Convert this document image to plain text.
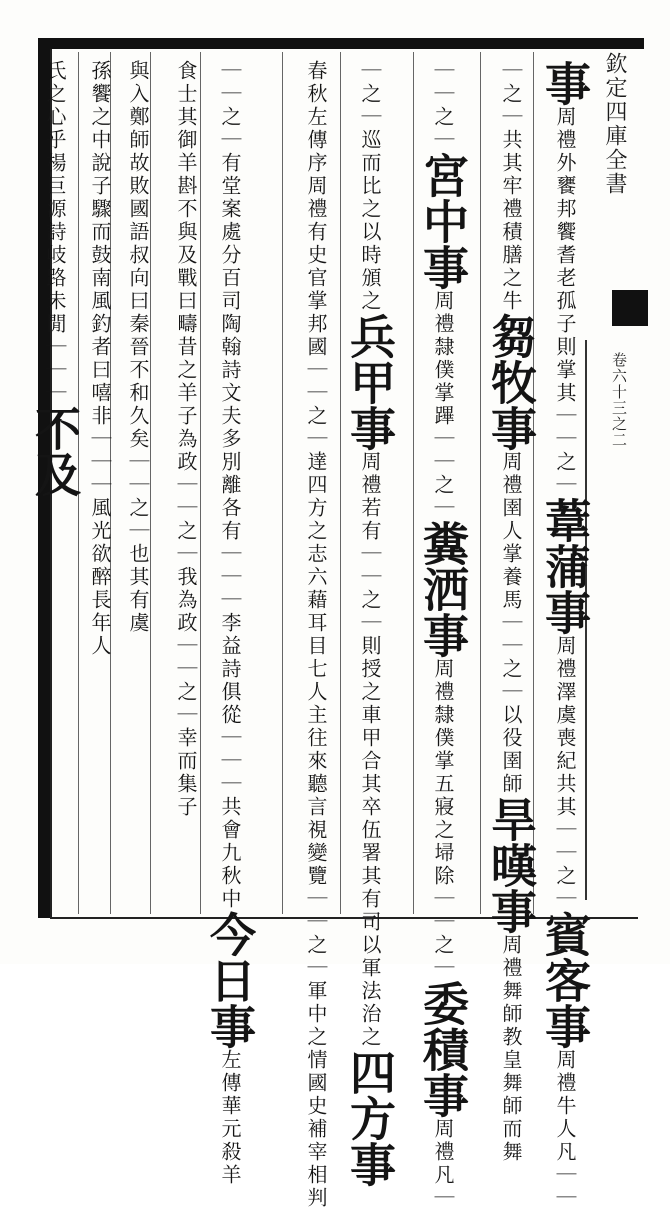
欽定四庫全書
卷六十三之二
事周禮外饔邦饗耆老孤子則掌其｜｜之｜葦蒲事周禮澤虞喪紀共其｜｜之｜賓客事周禮牛人凡｜｜
｜之｜共其牢禮積膳之牛芻牧事周禮圉人掌養馬｜｜之｜以役圉師旱暵事周禮舞師教皇舞師而舞
｜｜之｜宮中事周禮隸僕掌蹕｜｜之｜糞洒事周禮隸僕掌五寢之埽除｜｜之｜委積事周禮凡｜
｜之｜巡而比之以時頒之兵甲事周禮若有｜｜之｜則授之車甲合其卒伍署其有司以軍法治之四方事
春秋左傳序周禮有史官掌邦國｜｜之｜達四方之志六藉耳目七人主往來聽言視變覽｜｜之｜軍中之情國史補宰相判
｜｜之｜有堂案處分百司陶翰詩文夫多別離各有｜｜｜李益詩俱從｜｜｜共會九秋中今日事左傳華元殺羊
食士其御羊斟不與及戰曰疇昔之羊子為政｜｜之｜我為政｜｜之｜幸而集子
與入鄭師故敗國語叔向曰秦晉不和久矣｜｜之｜也其有虞
孫饗之中說子驟而鼓南風釣者曰嘻非｜｜｜風光欲醉長年人
氏之心乎楊巨源詩岐路未閒｜｜｜不及
